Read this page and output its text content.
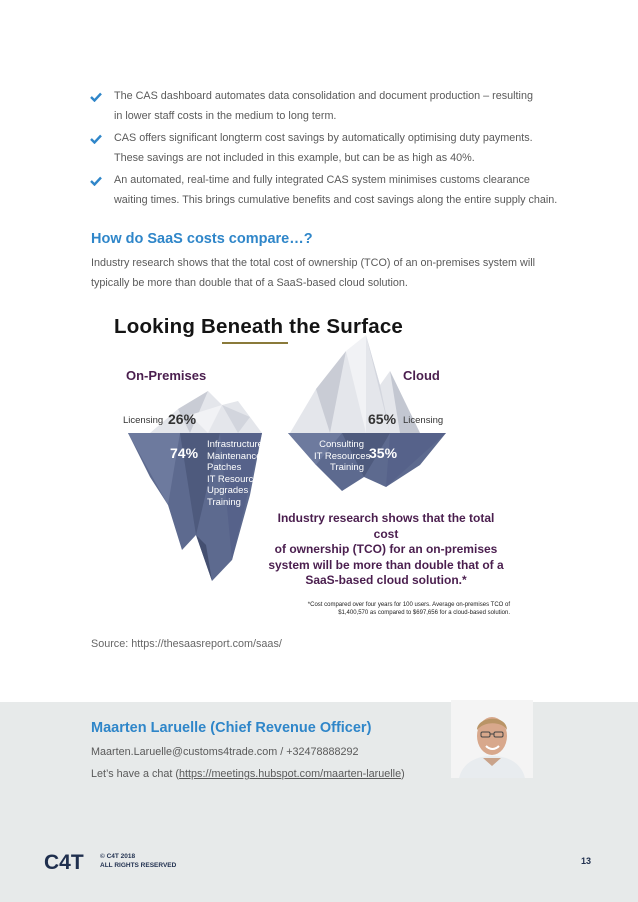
The CAS dashboard automates data consolidation and document production – resulting
in lower staff costs in the medium to long term.
CAS offers significant longterm cost savings by automatically optimising duty payments.
These savings are not included in this example, but can be as high as 40%.
An automated, real-time and fully integrated CAS system minimises customs clearance
waiting times. This brings cumulative benefits and cost savings along the entire supply chain.
How do SaaS costs compare…?
Industry research shows that the total cost of ownership (TCO) of an on-premises system will
typically be more than double that of a SaaS-based cloud solution.
Looking Beneath the Surface
On-Premises	Cloud
Licensing 26%	65% Licensing
74%
Infrastructure
Maintenance
Patches
IT Resources
Upgrades
Training
Consulting
IT Resources
Training
35%
Industry research shows that the total cost
of ownership (TCO) for an on-premises
system will be more than double that of a
SaaS-based cloud solution.*
*Cost compared over four years for 100 users. Average on-premises TCO of
$1,400,570 as compared to $697,656 for a cloud-based solution.
Source: https://thesaasreport.com/saas/
Maarten Laruelle (Chief Revenue Officer)
Maarten.Laruelle@customs4trade.com / +32478888292
Let’s have a chat (https://meetings.hubspot.com/maarten-laruelle)
C4T	© C4T 2018
ALL RIGHTS RESERVED	13
